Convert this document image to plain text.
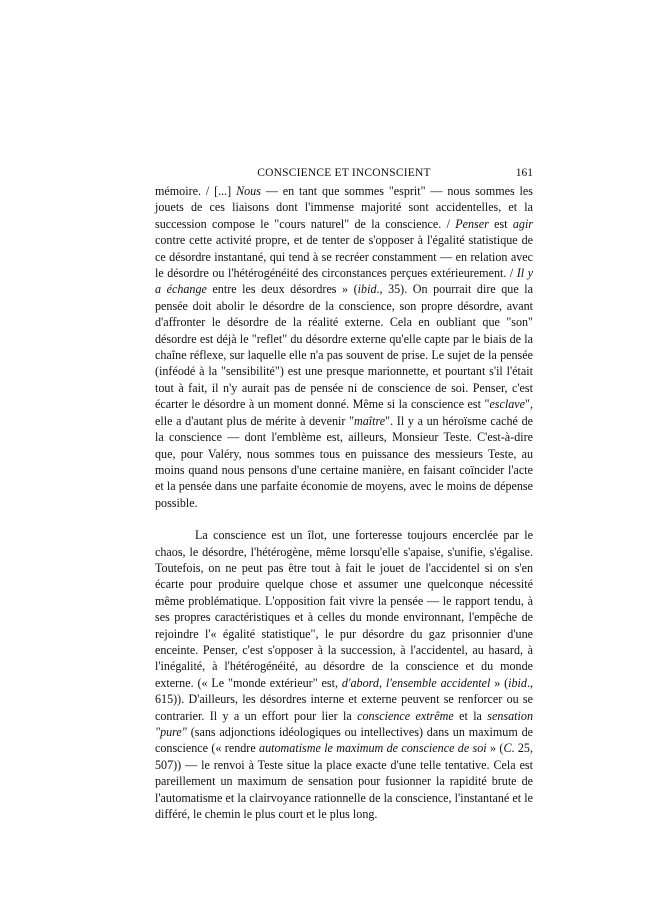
CONSCIENCE ET INCONSCIENT	161

mémoire. / [...] Nous — en tant que sommes "esprit" — nous sommes les jouets de ces liaisons dont l'immense majorité sont accidentelles, et la succession compose le "cours naturel" de la conscience. / Penser est agir contre cette activité propre, et de tenter de s'opposer à l'égalité statistique de ce désordre instantané, qui tend à se recréer constamment — en relation avec le désordre ou l'hétérogénéité des circonstances perçues extérieurement. / Il y a échange entre les deux désordres » (ibid., 35). On pourrait dire que la pensée doit abolir le désordre de la conscience, son propre désordre, avant d'affronter le désordre de la réalité externe. Cela en oubliant que "son" désordre est déjà le "reflet" du désordre externe qu'elle capte par le biais de la chaîne réflexe, sur laquelle elle n'a pas souvent de prise. Le sujet de la pensée (inféodé à la "sensibilité") est une presque marionnette, et pourtant s'il l'était tout à fait, il n'y aurait pas de pensée ni de conscience de soi. Penser, c'est écarter le désordre à un moment donné. Même si la conscience est "esclave", elle a d'autant plus de mérite à devenir "maître". Il y a un héroïsme caché de la conscience — dont l'emblème est, ailleurs, Monsieur Teste. C'est-à-dire que, pour Valéry, nous sommes tous en puissance des messieurs Teste, au moins quand nous pensons d'une certaine manière, en faisant coïncider l'acte et la pensée dans une parfaite économie de moyens, avec le moins de dépense possible.

La conscience est un îlot, une forteresse toujours encerclée par le chaos, le désordre, l'hétérogène, même lorsqu'elle s'apaise, s'unifie, s'égalise. Toutefois, on ne peut pas être tout à fait le jouet de l'accidentel si on s'en écarte pour produire quelque chose et assumer une quelconque nécessité même problématique. L'opposition fait vivre la pensée — le rapport tendu, à ses propres caractéristiques et à celles du monde environnant, l'empêche de rejoindre l'« égalité statistique", le pur désordre du gaz prisonnier d'une enceinte. Penser, c'est s'opposer à la succession, à l'accidentel, au hasard, à l'inégalité, à l'hétérogénéité, au désordre de la conscience et du monde externe. (« Le "monde extérieur" est, d'abord, l'ensemble accidentel » (ibid., 615)). D'ailleurs, les désordres interne et externe peuvent se renforcer ou se contrarier. Il y a un effort pour lier la conscience extrême et la sensation "pure" (sans adjonctions idéologiques ou intellectives) dans un maximum de conscience (« rendre automatisme le maximum de conscience de soi » (C. 25, 507)) — le renvoi à Teste situe la place exacte d'une telle tentative. Cela est pareillement un maximum de sensation pour fusionner la rapidité brute de l'automatisme et la clairvoyance rationnelle de la conscience, l'instantané et le différé, le chemin le plus court et le plus long.
